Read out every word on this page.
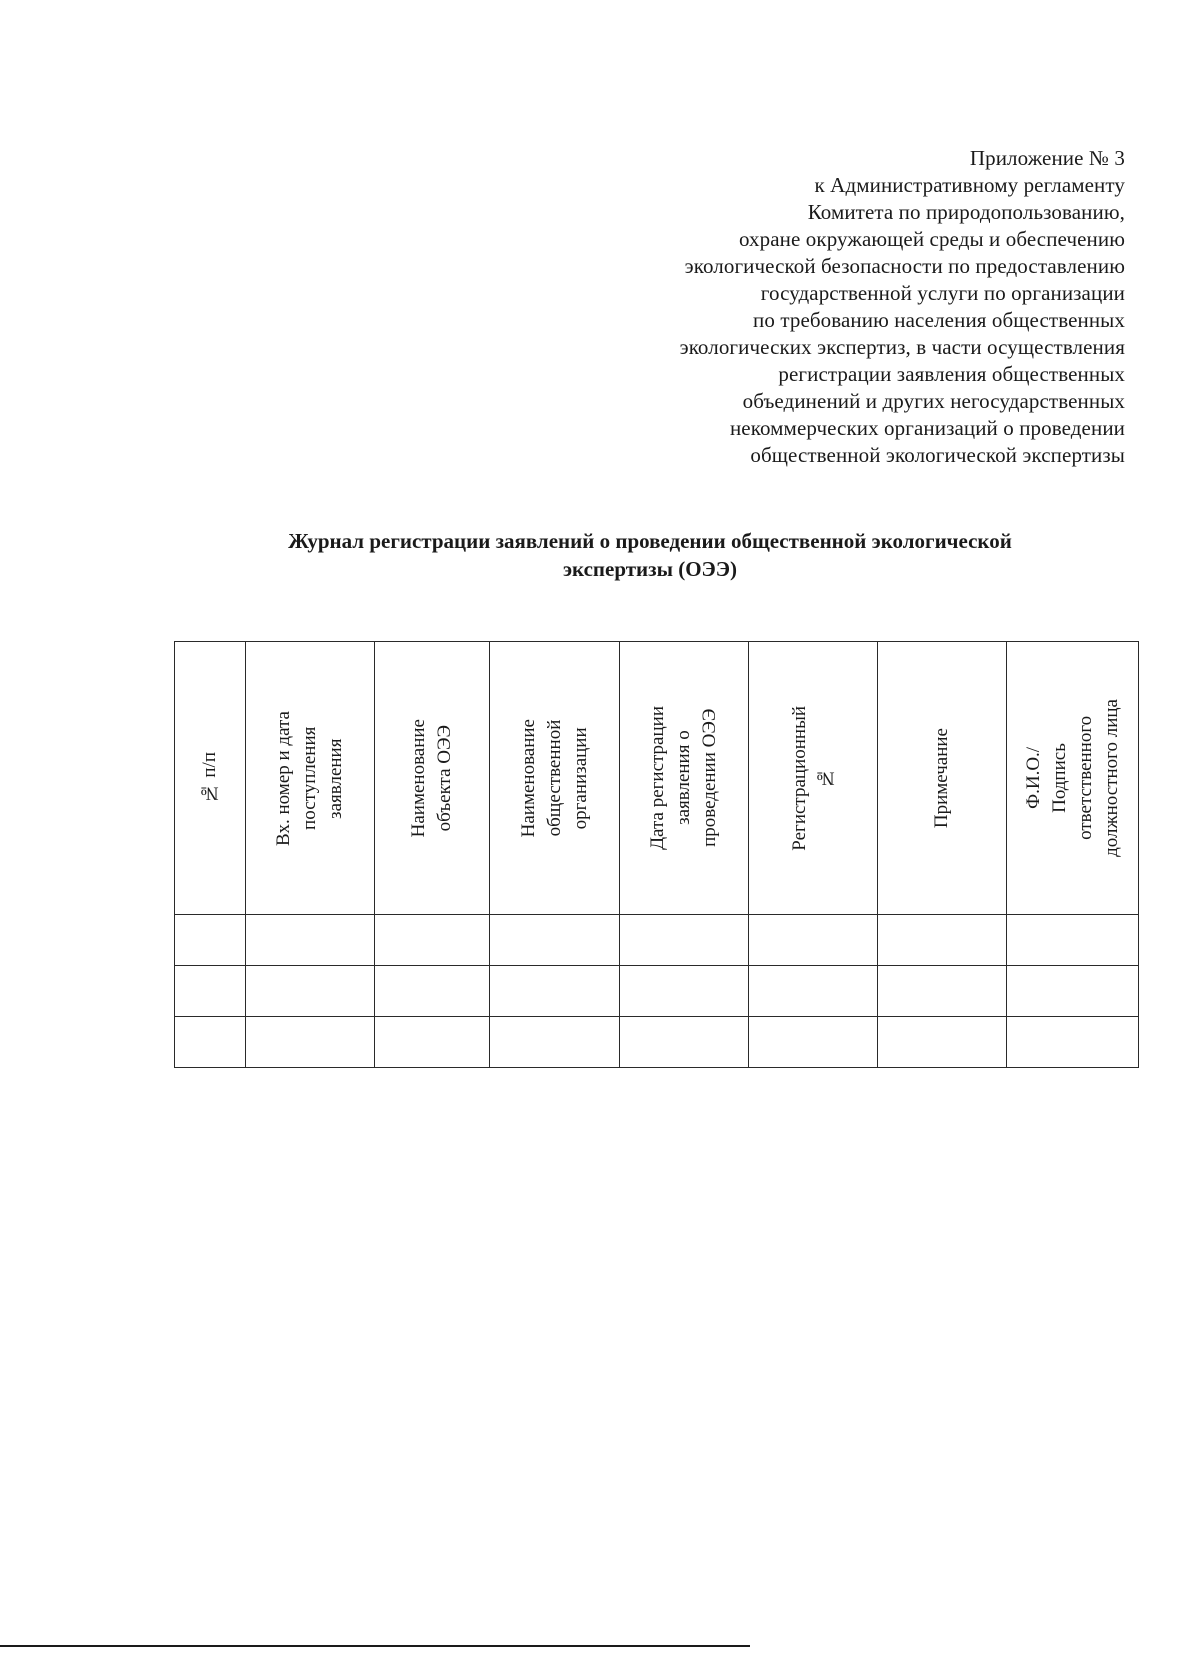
Приложение № 3
к Административному регламенту
Комитета по природопользованию,
охране окружающей среды и обеспечению
экологической безопасности по предоставлению
государственной услуги по организации
по требованию населения общественных
экологических экспертиз, в части осуществления
регистрации заявления общественных
объединений и других негосударственных
некоммерческих организаций о проведении
общественной экологической экспертизы
Журнал регистрации заявлений о проведении общественной экологической
экспертизы (ОЭЭ)
№ п/п	Вх. номер и дата
поступления
заявления	Наименование
объекта ОЭЭ	Наименование
общественной
организации	Дата регистрации
заявления о
проведении ОЭЭ	Регистрационный
№	Примечание	Ф.И.О./
Подпись
ответственного
должностного лица
